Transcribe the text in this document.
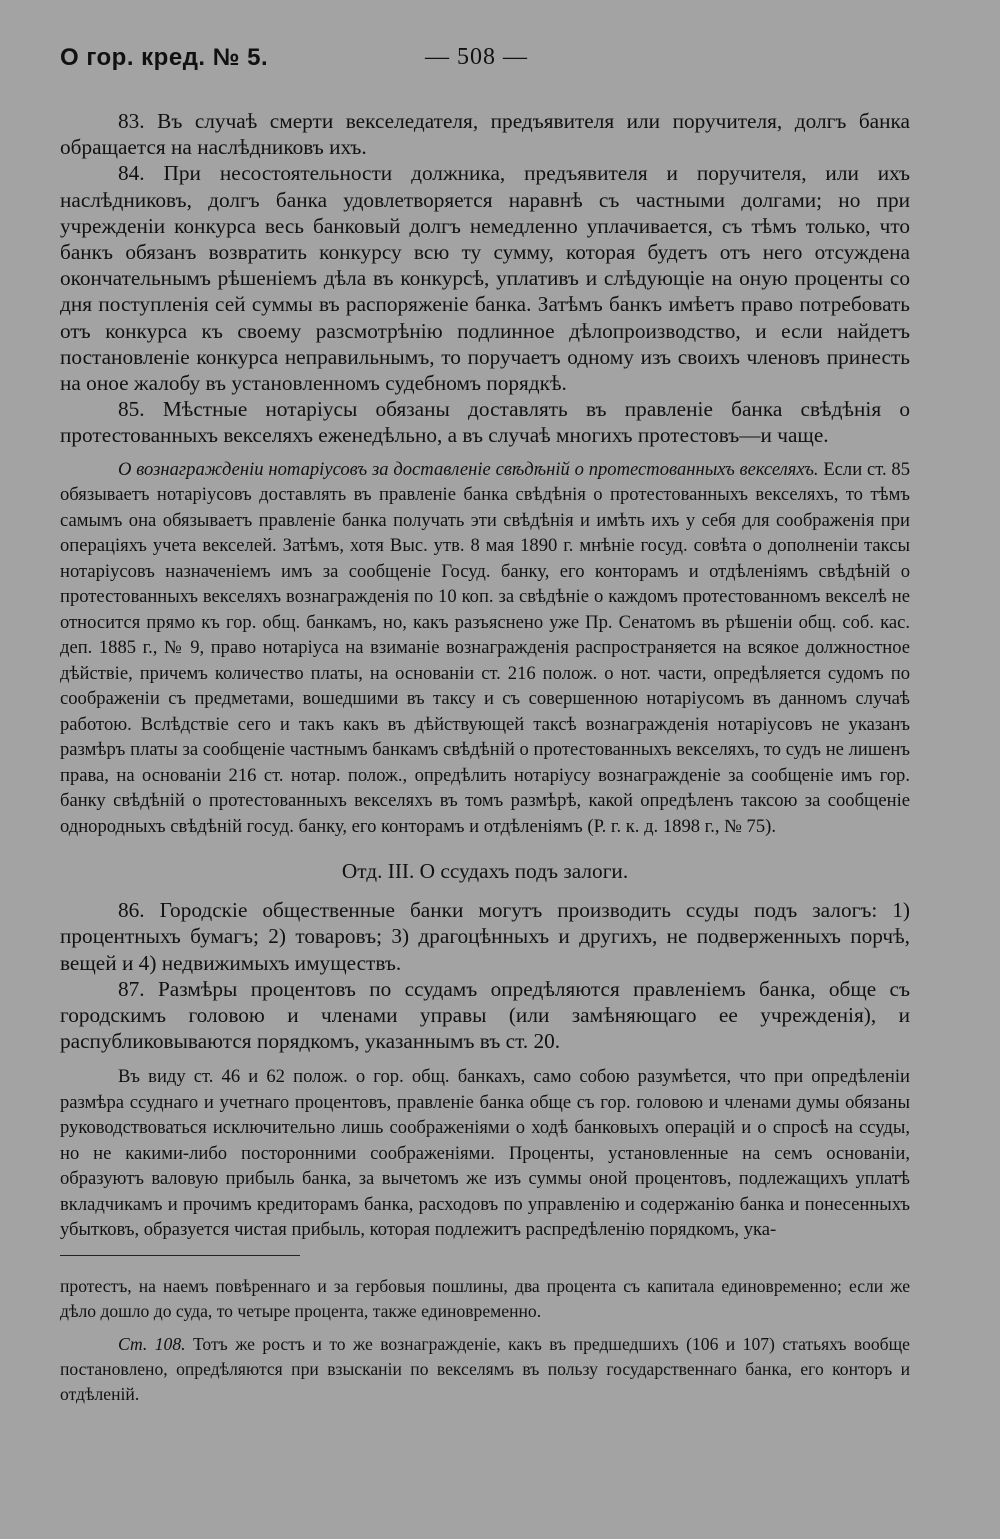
О гор. кред. № 5.	— 508 —

83. Въ случаѣ смерти векселедателя, предъявителя или поручителя, долгъ банка обращается на наслѣдниковъ ихъ.

84. При несостоятельности должника, предъявителя и поручителя, или ихъ наслѣдниковъ, долгъ банка удовлетворяется наравнѣ съ частными долгами; но при учрежденіи конкурса весь банковый долгъ немедленно уплачивается, съ тѣмъ только, что банкъ обязанъ возвратить конкурсу всю ту сумму, которая будетъ отъ него отсуждена окончательнымъ рѣшеніемъ дѣла въ конкурсѣ, уплативъ и слѣдующіе на оную проценты со дня поступленія сей суммы въ распоряженіе банка. Затѣмъ банкъ имѣетъ право потребовать отъ конкурса къ своему разсмотрѣнію подлинное дѣлопроизводство, и если найдетъ постановленіе конкурса неправильнымъ, то поручаетъ одному изъ своихъ членовъ принесть на оное жалобу въ установленномъ судебномъ порядкѣ.

85. Мѣстные нотаріусы обязаны доставлять въ правленіе банка свѣдѣнія о протестованныхъ векселяхъ еженедѣльно, а въ случаѣ многихъ протестовъ—и чаще.

О вознагражденіи нотаріусовъ за доставленіе свѣдѣній о протестованныхъ векселяхъ. Если ст. 85 обязываетъ нотаріусовъ доставлять въ правленіе банка свѣдѣнія о протестованныхъ векселяхъ, то тѣмъ самымъ она обязываетъ правленіе банка получать эти свѣдѣнія и имѣть ихъ у себя для соображенія при операціяхъ учета векселей. Затѣмъ, хотя Выс. утв. 8 мая 1890 г. мнѣніе госуд. совѣта о дополненіи таксы нотаріусовъ назначеніемъ имъ за сообщеніе Госуд. банку, его конторамъ и отдѣленіямъ свѣдѣній о протестованныхъ векселяхъ вознагражденія по 10 коп. за свѣдѣніе о каждомъ протестованномъ векселѣ не относится прямо къ гор. общ. банкамъ, но, какъ разъяснено уже Пр. Сенатомъ въ рѣшеніи общ. соб. кас. деп. 1885 г., № 9, право нотаріуса на взиманіе вознагражденія распространяется на всякое должностное дѣйствіе, причемъ количество платы, на основаніи ст. 216 полож. о нот. части, опредѣляется судомъ по соображеніи съ предметами, вошедшими въ таксу и съ совершенною нотаріусомъ въ данномъ случаѣ работою. Вслѣдствіе сего и такъ какъ въ дѣйствующей таксѣ вознагражденія нотаріусовъ не указанъ размѣръ платы за сообщеніе частнымъ банкамъ свѣдѣній о протестованныхъ векселяхъ, то судъ не лишенъ права, на основаніи 216 ст. нотар. полож., опредѣлить нотаріусу вознагражденіе за сообщеніе имъ гор. банку свѣдѣній о протестованныхъ векселяхъ въ томъ размѣрѣ, какой опредѣленъ таксою за сообщеніе однородныхъ свѣдѣній госуд. банку, его конторамъ и отдѣленіямъ (Р. г. к. д. 1898 г., № 75).

Отд. III. О ссудахъ подъ залоги.

86. Городскіе общественные банки могутъ производить ссуды подъ залогъ: 1) процентныхъ бумагъ; 2) товаровъ; 3) драгоцѣнныхъ и другихъ, не подверженныхъ порчѣ, вещей и 4) недвижимыхъ имуществъ.

87. Размѣры процентовъ по ссудамъ опредѣляются правленіемъ банка, обще съ городскимъ головою и членами управы (или замѣняющаго ее учрежденія), и распубликовываются порядкомъ, указаннымъ въ ст. 20.

Въ виду ст. 46 и 62 полож. о гор. общ. банкахъ, само собою разумѣется, что при опредѣленіи размѣра ссуднаго и учетнаго процентовъ, правленіе банка обще съ гор. головою и членами думы обязаны руководствоваться исключительно лишь соображеніями о ходѣ банковыхъ операцій и о спросѣ на ссуды, но не какими-либо посторонними соображеніями. Проценты, установленные на семъ основаніи, образуютъ валовую прибыль банка, за вычетомъ же изъ суммы оной процентовъ, подлежащихъ уплатѣ вкладчикамъ и прочимъ кредиторамъ банка, расходовъ по управленію и содержанію банка и понесенныхъ убытковъ, образуется чистая прибыль, которая подлежитъ распредѣленію порядкомъ, ука-

протестъ, на наемъ повѣреннаго и за гербовыя пошлины, два процента съ капитала единовременно; если же дѣло дошло до суда, то четыре процента, также единовременно.

Ст. 108. Тотъ же ростъ и то же вознагражденіе, какъ въ предшедшихъ (106 и 107) статьяхъ вообще постановлено, опредѣляются при взысканіи по векселямъ въ пользу государственнаго банка, его конторъ и отдѣленій.
